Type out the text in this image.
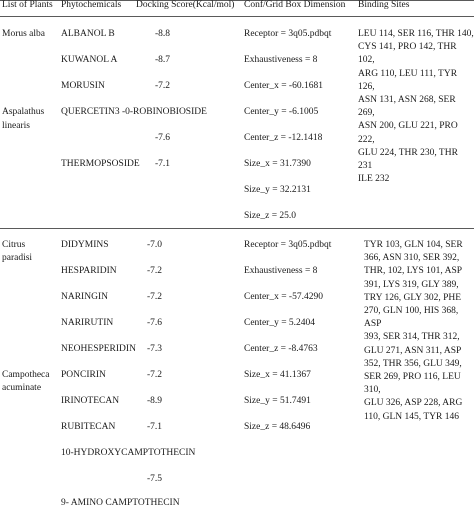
List of Plants Phytochemicals Docking Score(Kcal/mol) Conf/Grid Box Dimension Binding Sites
Morus alba
Aspalathus
linearis
ALBANOL B
KUWANOL A
MORUSIN
QUERCETIN3 -0-ROBINOBIOSIDE
THERMOPSOSIDE
-8.8
-8.7
-7.2
-7.6
-7.1
Receptor = 3q05.pdbqt
Exhaustiveness = 8
Center_x = -60.1681
Center_y = -6.1005
Center_z = -12.1418
Size_x = 31.7390
Size_y = 32.2131
Size_z = 25.0
LEU 114, SER 116, THR 140,
CYS 141, PRO 142, THR 102,
ARG 110, LEU 111, TYR 126,
ASN 131, ASN 268, SER 269,
ASN 200, GLU 221, PRO 222,
GLU 224, THR 230, THR 231
ILE 232
Citrus
paradisi
Campotheca
acuminate
DIDYMINS
HESPARIDIN
NARINGIN
NARIRUTIN
NEOHESPERIDIN
PONCIRIN
IRINOTECAN
RUBITECAN
10-HYDROXYCAMPTOTHECIN
9- AMINO CAMPTOTHECIN
-7.0
-7.2
-7.2
-7.6
-7.3
-7.2
-8.9
-7.1
-7.5
Receptor = 3q05.pdbqt
Exhaustiveness = 8
Center_x = -57.4290
Center_y = 5.2404
Center_z = -8.4763
Size_x = 41.1367
Size_y = 51.7491
Size_z = 48.6496
TYR 103, GLN 104, SER
366, ASN 310, SER 392,
THR, 102, LYS 101, ASP
391, LYS 319, GLY 389,
TRY 126, GLY 302, PHE
270, GLN 100, HIS 368, ASP
393, SER 314, THR 312,
GLU 271, ASN 311, ASP
352, THR 356, GLU 349,
SER 269, PRO 116, LEU 310,
GLU 326, ASP 228, ARG
110, GLN 145, TYR 146
